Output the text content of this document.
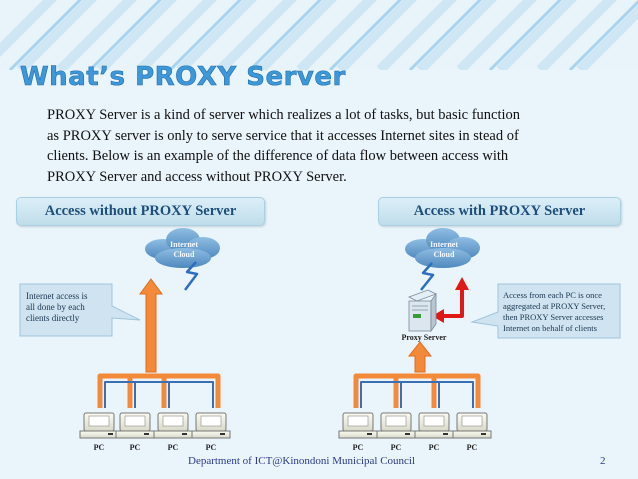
What’s PROXY Server

PROXY Server is a kind of server which realizes a lot of tasks, but basic function

as PROXY server is only to serve service that it accesses Internet sites in stead of

clients. Below is an example of the difference of data flow between access with

PROXY Server and access without PROXY Server.

Access without PROXY Server	Access with PROXY Server
Internet
Cloud
Internet
Cloud
Internet access is
all done by each
clients directly
Access from each PC is once
aggregated at PROXY Server,
then PROXY Server accesses
Internet on behalf of clients
Proxy Server
PC	PC	PC	PC	PC	PC	PC	PC
Department of ICT@Kinondoni Municipal Council	2
